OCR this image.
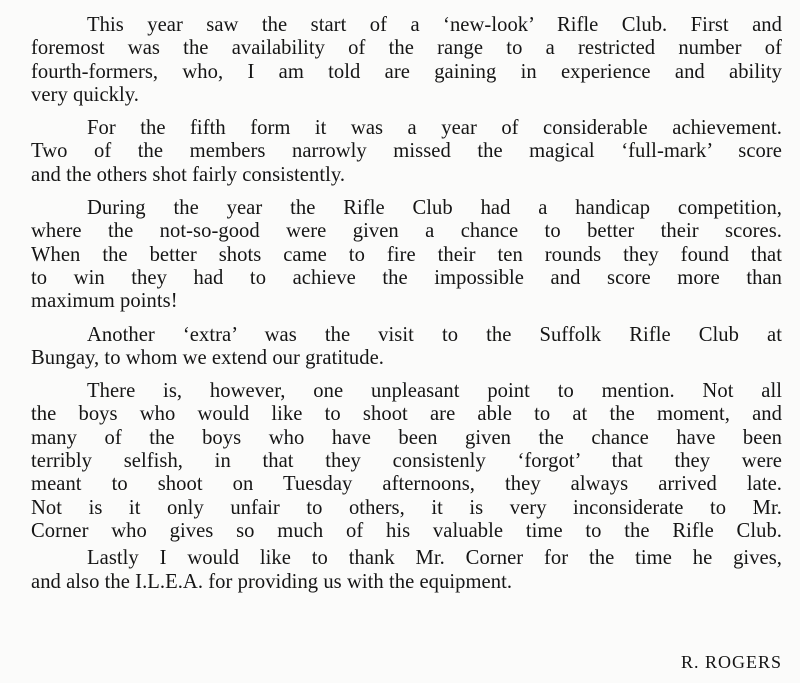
This year saw the start of a ‘new-look’ Rifle Club. First and
foremost was the availability of the range to a restricted number of
fourth-formers, who, I am told are gaining in experience and ability
very quickly.
For the fifth form it was a year of considerable achievement.
Two of the members narrowly missed the magical ‘full-mark’ score
and the others shot fairly consistently.
During the year the Rifle Club had a handicap competition,
where the not-so-good were given a chance to better their scores.
When the better shots came to fire their ten rounds they found that
to win they had to achieve the impossible and score more than
maximum points!
Another ‘extra’ was the visit to the Suffolk Rifle Club at
Bungay, to whom we extend our gratitude.
There is, however, one unpleasant point to mention. Not all
the boys who would like to shoot are able to at the moment, and
many of the boys who have been given the chance have been
terribly selfish, in that they consistenly ‘forgot’ that they were
meant to shoot on Tuesday afternoons, they always arrived late.
Not is it only unfair to others, it is very inconsiderate to Mr.
Corner who gives so much of his valuable time to the Rifle Club.
Lastly I would like to thank Mr. Corner for the time he gives,
and also the I.L.E.A. for providing us with the equipment.
R. ROGERS
